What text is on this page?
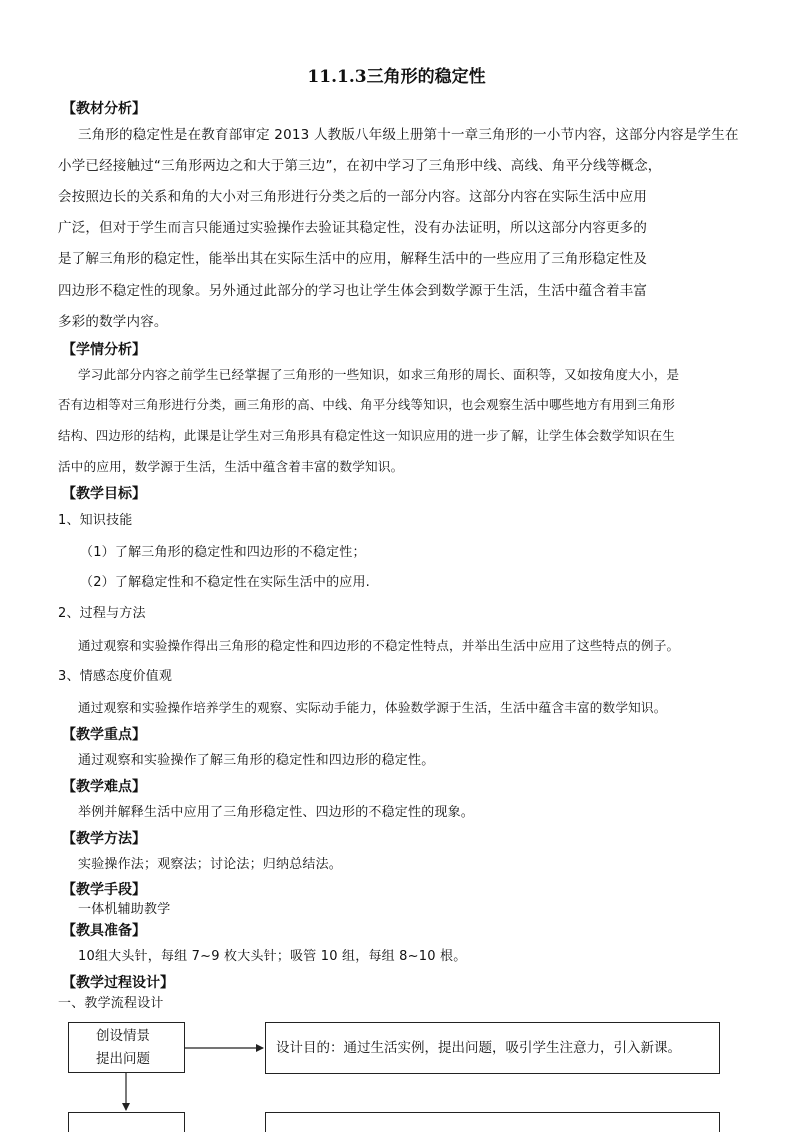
11.1.3三角形的稳定性
【教材分析】
三角形的稳定性是在教育部审定 2013 人教版八年级上册第十一章三角形的一小节内容，这部分内容是学生在
小学已经接触过“三角形两边之和大于第三边”，在初中学习了三角形中线、高线、角平分线等概念，
会按照边长的关系和角的大小对三角形进行分类之后的一部分内容。这部分内容在实际生活中应用
广泛，但对于学生而言只能通过实验操作去验证其稳定性，没有办法证明，所以这部分内容更多的
是了解三角形的稳定性，能举出其在实际生活中的应用，解释生活中的一些应用了三角形稳定性及
四边形不稳定性的现象。另外通过此部分的学习也让学生体会到数学源于生活，生活中蕴含着丰富
多彩的数学内容。
【学情分析】
学习此部分内容之前学生已经掌握了三角形的一些知识，如求三角形的周长、面积等，又如按角度大小，是
否有边相等对三角形进行分类，画三角形的高、中线、角平分线等知识，也会观察生活中哪些地方有用到三角形
结构、四边形的结构，此课是让学生对三角形具有稳定性这一知识应用的进一步了解，让学生体会数学知识在生
活中的应用，数学源于生活，生活中蕴含着丰富的数学知识。
【教学目标】
1、知识技能
（1）了解三角形的稳定性和四边形的不稳定性；
（2）了解稳定性和不稳定性在实际生活中的应用.
2、过程与方法
通过观察和实验操作得出三角形的稳定性和四边形的不稳定性特点，并举出生活中应用了这些特点的例子。
3、情感态度价值观
通过观察和实验操作培养学生的观察、实际动手能力，体验数学源于生活，生活中蕴含丰富的数学知识。
【教学重点】
通过观察和实验操作了解三角形的稳定性和四边形的稳定性。
【教学难点】
举例并解释生活中应用了三角形稳定性、四边形的不稳定性的现象。
【教学方法】
实验操作法；观察法；讨论法；归纳总结法。
【教学手段】
一体机辅助教学
【教具准备】
10组大头针，每组 7~9 枚大头针；吸管 10 组，每组 8~10 根。
【教学过程设计】
一、教学流程设计
创设情景
提出问题
设计目的：通过生活实例，提出问题，吸引学生注意力，引入新课。
